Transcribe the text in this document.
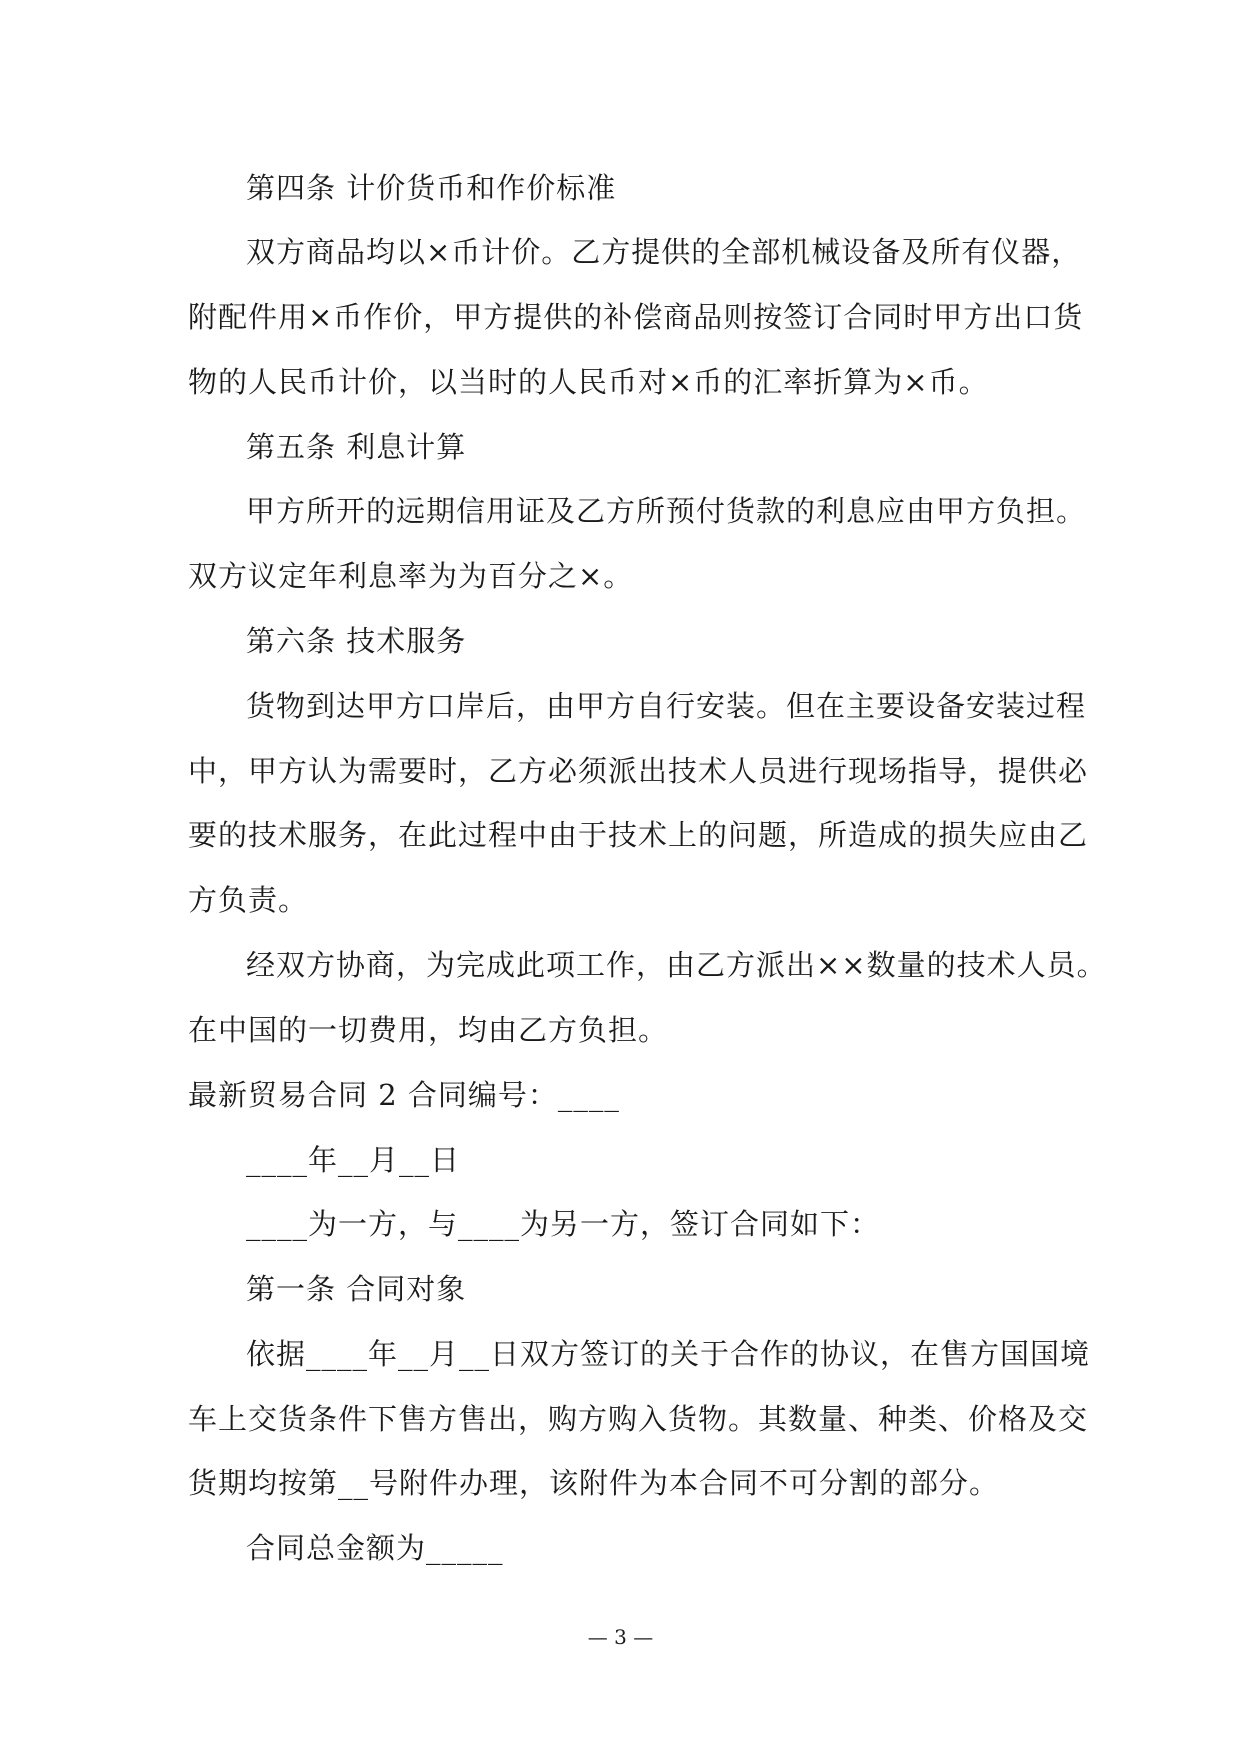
第四条 计价货币和作价标准
双方商品均以×币计价。乙方提供的全部机械设备及所有仪器，
附配件用×币作价，甲方提供的补偿商品则按签订合同时甲方出口货
物的人民币计价，以当时的人民币对×币的汇率折算为×币。
第五条 利息计算
甲方所开的远期信用证及乙方所预付货款的利息应由甲方负担。
双方议定年利息率为为百分之×。
第六条 技术服务
货物到达甲方口岸后，由甲方自行安装。但在主要设备安装过程
中，甲方认为需要时，乙方必须派出技术人员进行现场指导，提供必
要的技术服务，在此过程中由于技术上的问题，所造成的损失应由乙
方负责。
经双方协商，为完成此项工作，由乙方派出××数量的技术人员。
在中国的一切费用，均由乙方负担。
最新贸易合同 2 合同编号：____
____年__月__日
____为一方，与____为另一方，签订合同如下：
第一条 合同对象
依据____年__月__日双方签订的关于合作的协议，在售方国国境
车上交货条件下售方售出，购方购入货物。其数量、种类、价格及交
货期均按第__号附件办理，该附件为本合同不可分割的部分。
合同总金额为_____
— 3 —
